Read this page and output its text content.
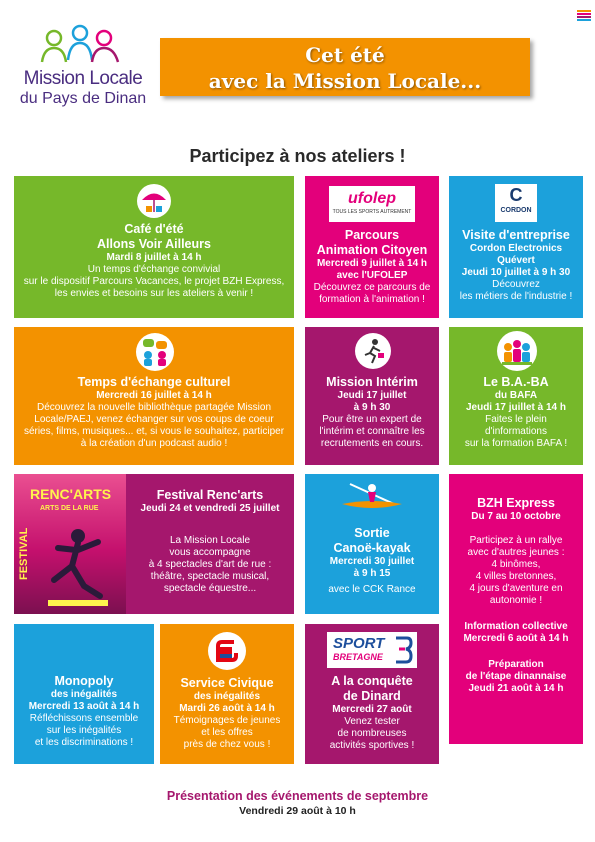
Mission Locale
du Pays de Dinan
Cet été
avec la Mission Locale...
Participez à nos ateliers !
Café d'été
Allons Voir Ailleurs
Mardi 8 juillet à 14 h
Un temps d'échange convivial
sur le dispositif Parcours Vacances, le projet BZH Express,
les envies et besoins sur les ateliers à venir !
ufolep
TOUS LES SPORTS AUTREMENT
Parcours
Animation Citoyen
Mercredi 9 juillet à 14 h
avec l'UFOLEP
Découvrez ce parcours de
formation à l'animation !
C
CORDON
Visite d'entreprise
Cordon Electronics
Quévert
Jeudi 10 juillet à 9 h 30
Découvrez
les métiers de l'industrie !
Temps d'échange culturel
Mercredi 16 juillet à 14 h
Découvrez la nouvelle bibliothèque partagée Mission
Locale/PAEJ, venez échanger sur vos coups de coeur
séries, films, musiques... et, si vous le souhaitez, participer
à la création d'un podcast audio !
Mission Intérim
Jeudi 17 juillet
à 9 h 30
Pour être un expert de
l'intérim et connaître les
recrutements en cours.
Le B.A.-BA
du BAFA
Jeudi 17 juillet à 14 h
Faites le plein
d'informations
sur la formation BAFA !
FESTIVAL
RENC'ARTS
ARTS DE LA RUE
Festival Renc'arts
Jeudi 24 et vendredi 25 juillet
La Mission Locale
vous accompagne
à 4 spectacles d'art de rue :
théâtre, spectacle musical,
spectacle équestre...
Sortie
Canoë-kayak
Mercredi 30 juillet
à 9 h 15
avec le CCK Rance
BZH Express
Du 7 au 10 octobre
Participez à un rallye
avec d'autres jeunes :
4 binômes,
4 villes bretonnes,
4 jours d'aventure en
autonomie !
Information collective
Mercredi 6 août à 14 h
Préparation
de l'étape dinannaise
Jeudi 21 août à 14 h
Monopoly
des inégalités
Mercredi 13 août à 14 h
Réfléchissons ensemble
sur les inégalités
et les discriminations !
Service Civique
des inégalités
Mardi 26 août à 14 h
Témoignages de jeunes
et les offres
près de chez vous !
SPORT
BRETAGNE
A la conquête
de Dinard
Mercredi 27 août
Venez tester
de nombreuses
activités sportives !
Présentation des événements de septembre
Vendredi 29 août à 10 h
